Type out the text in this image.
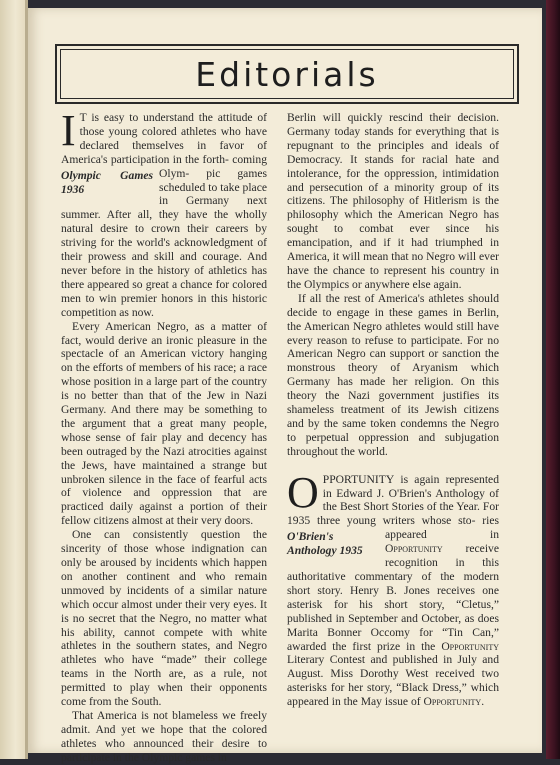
Editorials

I T is easy to understand the attitude of those young colored athletes who have declared themselves in favor of America's participation in the forth- coming Olym-
Olympic Games 1936
pic games scheduled to take place in Germany next summer. After all, they have the wholly natural desire to crown their careers by striving for the world's acknowledgment of their prowess and skill and courage. And never before in the history of athletics has there appeared so great a chance for colored men to win premier honors in this historic competition as now.

Every American Negro, as a matter of fact, would derive an ironic pleasure in the spectacle of an American victory hanging on the efforts of members of his race; a race whose position in a large part of the country is no better than that of the Jew in Nazi Germany. And there may be something to the argument that a great many people, whose sense of fair play and decency has been outraged by the Nazi atrocities against the Jews, have maintained a strange but unbroken silence in the face of fearful acts of violence and oppression that are practiced daily against a portion of their fellow citizens almost at their very doors.

One can consistently question the sincerity of those whose indignation can only be aroused by incidents which happen on another continent and who remain unmoved by incidents of a similar nature which occur almost under their very eyes. It is no secret that the Negro, no matter what his ability, cannot compete with white athletes in the southern states, and Negro athletes who have “made” their college teams in the North are, as a rule, not permitted to play when their opponents come from the South.

That America is not blameless we freely admit. And yet we hope that the colored athletes who announced their desire to participate in the Olympic games in

Berlin will quickly rescind their decision. Germany today stands for everything that is repugnant to the principles and ideals of Democracy. It stands for racial hate and intolerance, for the oppression, intimidation and persecution of a minority group of its citizens. The philosophy of Hitlerism is the philosophy which the American Negro has sought to combat ever since his emancipation, and if it had triumphed in America, it will mean that no Negro will ever have the chance to represent his country in the Olympics or anywhere else again.

If all the rest of America's athletes should decide to engage in these games in Berlin, the American Negro athletes would still have every reason to refuse to participate. For no American Negro can support or sanction the monstrous theory of Aryanism which Germany has made her religion. On this theory the Nazi government justifies its shameless treatment of its Jewish citizens and by the same token condemns the Negro to perpetual oppression and subjugation throughout the world.

O PPORTUNITY is again represented in Edward J. O'Brien's Anthology of the Best Short Stories of the Year. For 1935 three young writers whose sto-
O'Brien's Anthology 1935
ries appeared in Opportunity receive recognition in this authoritative commentary of the modern short story. Henry B. Jones receives one asterisk for his short story, “Cletus,” published in September and October, as does Marita Bonner Occomy for “Tin Can,” awarded the first prize in the Opportunity Literary Contest and published in July and August. Miss Dorothy West received two asterisks for her story, “Black Dress,” which appeared in the May issue of Opportunity.
